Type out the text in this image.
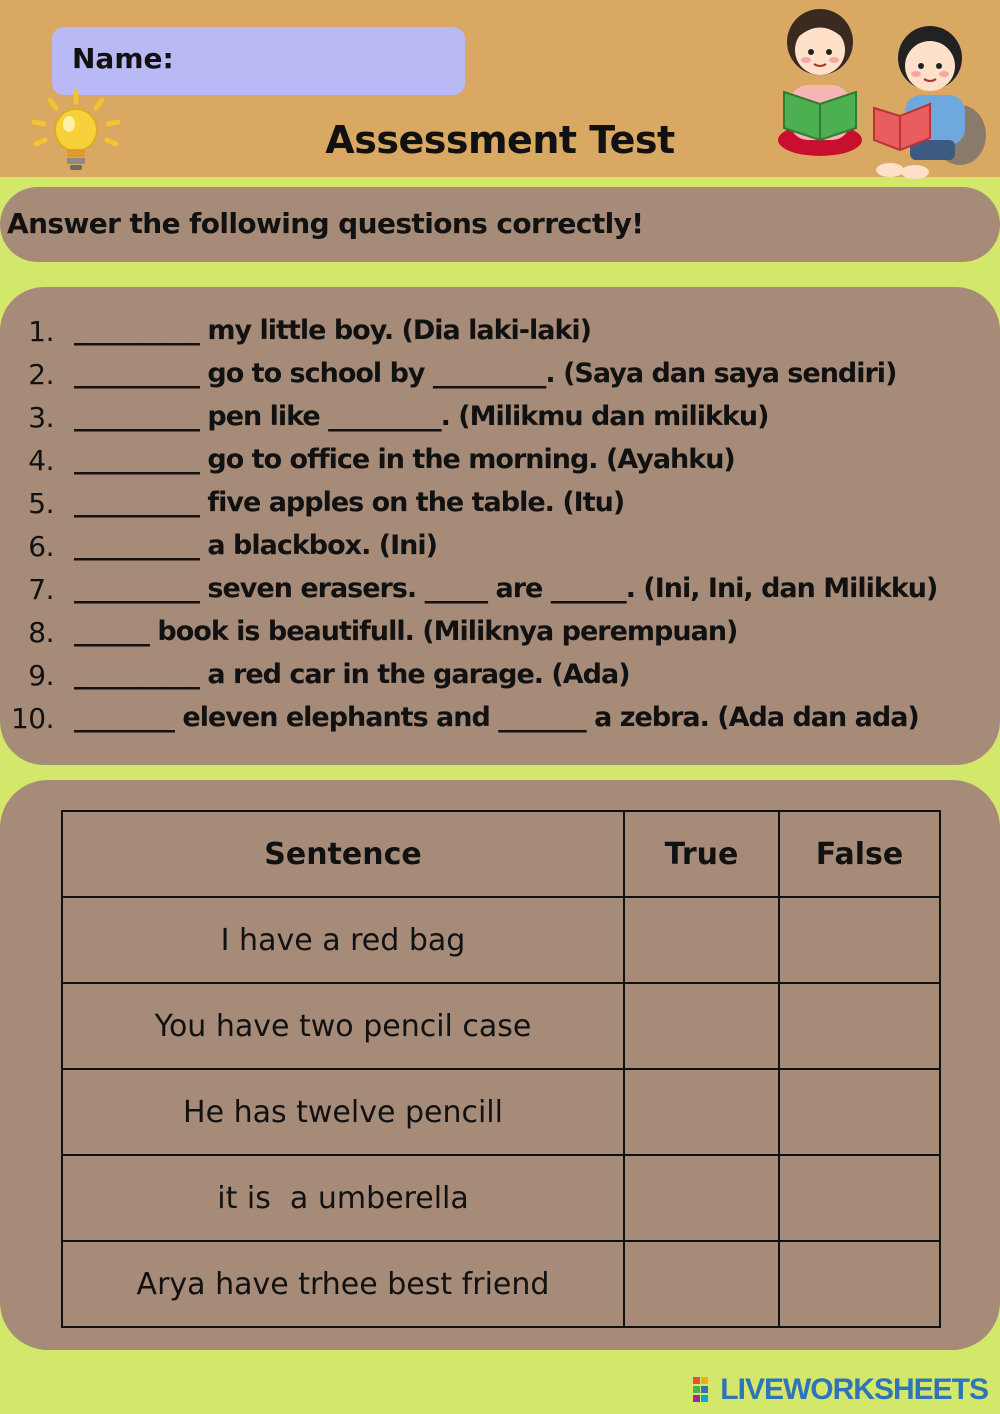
Name:
Assessment Test
Answer the following questions correctly!
1. __________ my little boy. (Dia laki-laki)
2. __________ go to school by _________. (Saya dan saya sendiri)
3. __________ pen like _________. (Milikmu dan milikku)
4. __________ go to office in the morning. (Ayahku)
5. __________ five apples on the table. (Itu)
6. __________ a blackbox. (Ini)
7. __________ seven erasers. _____ are ______. (Ini, Ini, dan Milikku)
8. ______ book is beautifull. (Miliknya perempuan)
9. __________ a red car in the garage. (Ada)
10. ________ eleven elephants and _______ a zebra. (Ada dan ada)
Sentence	True	False
I have a red bag		
You have two pencil case		
He has twelve pencill		
it is  a umberella		
Arya have trhee best friend		
LIVEWORKSHEETS
